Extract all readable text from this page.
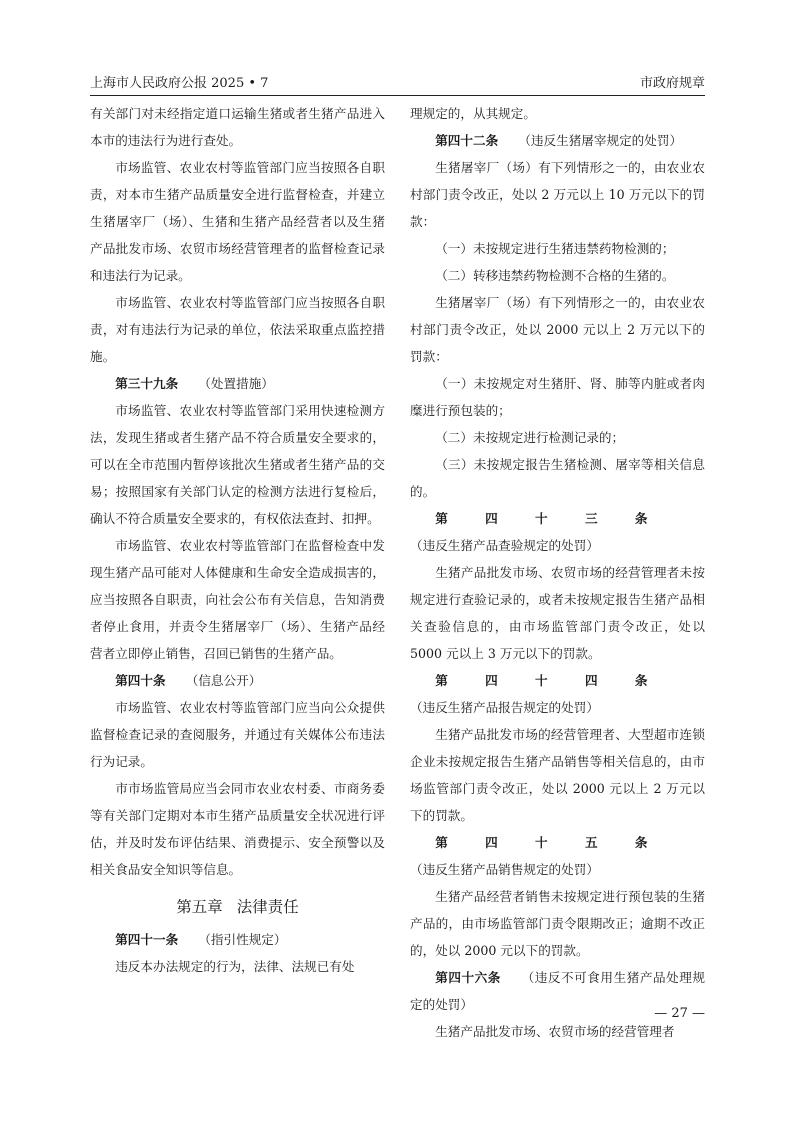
上海市人民政府公报 2025 • 7	市政府规章

有关部门对未经指定道口运输生猪或者生猪产品进入本市的违法行为进行查处。

市场监管、农业农村等监管部门应当按照各自职责，对本市生猪产品质量安全进行监督检查，并建立生猪屠宰厂（场）、生猪和生猪产品经营者以及生猪产品批发市场、农贸市场经营管理者的监督检查记录和违法行为记录。

市场监管、农业农村等监管部门应当按照各自职责，对有违法行为记录的单位，依法采取重点监控措施。

第三十九条 （处置措施）

市场监管、农业农村等监管部门采用快速检测方法，发现生猪或者生猪产品不符合质量安全要求的，可以在全市范围内暂停该批次生猪或者生猪产品的交易；按照国家有关部门认定的检测方法进行复检后，确认不符合质量安全要求的，有权依法查封、扣押。

市场监管、农业农村等监管部门在监督检查中发现生猪产品可能对人体健康和生命安全造成损害的，应当按照各自职责，向社会公布有关信息，告知消费者停止食用，并责令生猪屠宰厂（场）、生猪产品经营者立即停止销售，召回已销售的生猪产品。

第四十条 （信息公开）

市场监管、农业农村等监管部门应当向公众提供监督检查记录的查阅服务，并通过有关媒体公布违法行为记录。

市市场监管局应当会同市农业农村委、市商务委等有关部门定期对本市生猪产品质量安全状况进行评估，并及时发布评估结果、消费提示、安全预警以及相关食品安全知识等信息。

第五章 法律责任

第四十一条 （指引性规定）

违反本办法规定的行为，法律、法规已有处

理规定的，从其规定。

第四十二条 （违反生猪屠宰规定的处罚）

生猪屠宰厂（场）有下列情形之一的，由农业农村部门责令改正，处以 2 万元以上 10 万元以下的罚款：

（一）未按规定进行生猪违禁药物检测的；

（二）转移违禁药物检测不合格的生猪的。

生猪屠宰厂（场）有下列情形之一的，由农业农村部门责令改正，处以 2000 元以上 2 万元以下的罚款：

（一）未按规定对生猪肝、肾、肺等内脏或者肉糜进行预包装的；

（二）未按规定进行检测记录的；

（三）未按规定报告生猪检测、屠宰等相关信息的。

第四十三条（违反生猪产品查验规定的处罚）

生猪产品批发市场、农贸市场的经营管理者未按规定进行查验记录的，或者未按规定报告生猪产品相关查验信息的，由市场监管部门责令改正，处以 5000 元以上 3 万元以下的罚款。

第四十四条（违反生猪产品报告规定的处罚）

生猪产品批发市场的经营管理者、大型超市连锁企业未按规定报告生猪产品销售等相关信息的，由市场监管部门责令改正，处以 2000 元以上 2 万元以下的罚款。

第四十五条（违反生猪产品销售规定的处罚）

生猪产品经营者销售未按规定进行预包装的生猪产品的，由市场监管部门责令限期改正；逾期不改正的，处以 2000 元以下的罚款。

第四十六条 （违反不可食用生猪产品处理规定的处罚）

生猪产品批发市场、农贸市场的经营管理者

— 27 —
